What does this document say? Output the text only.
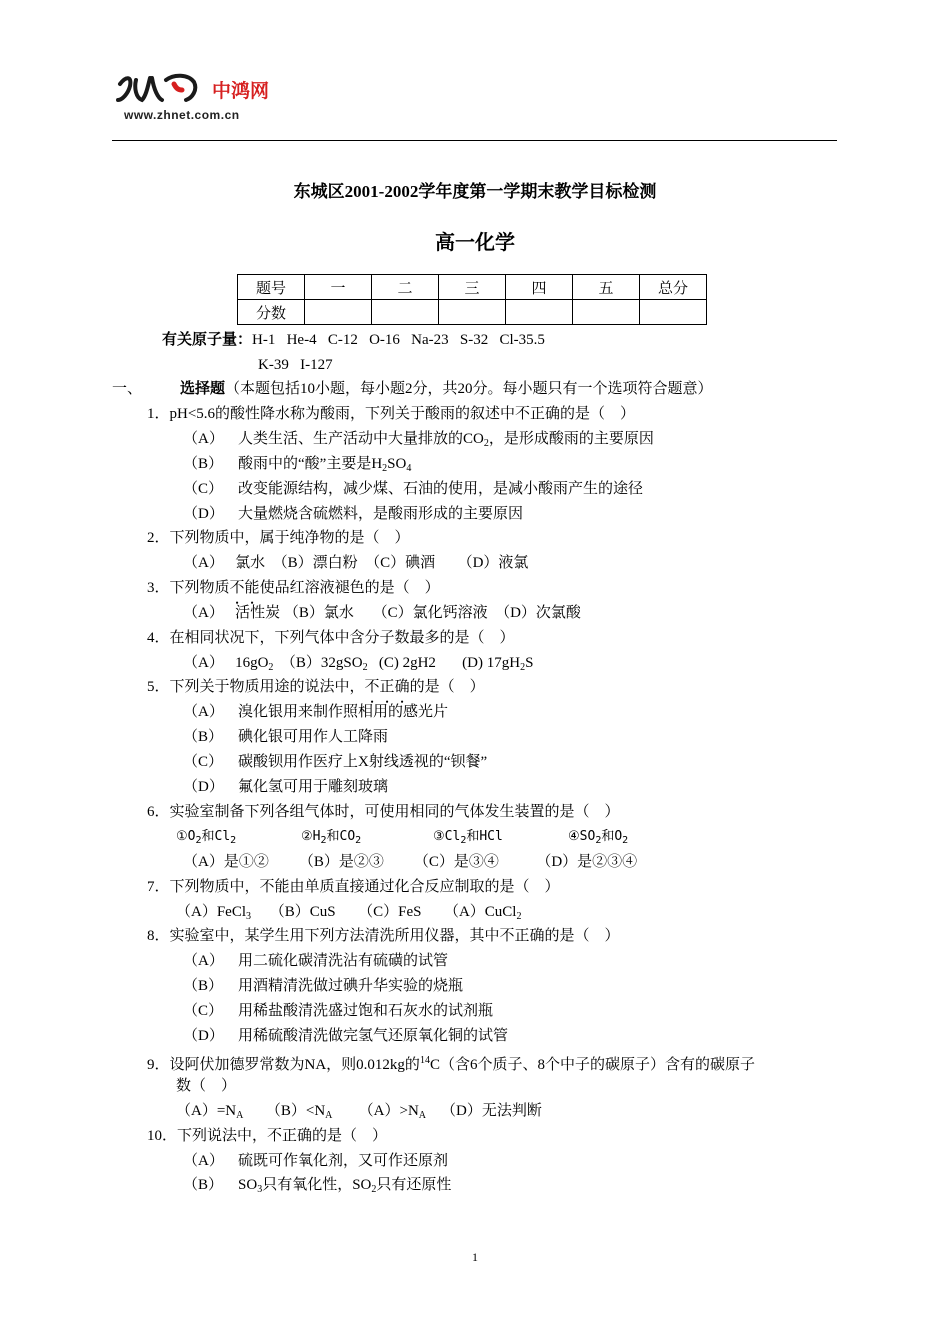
中鸿网
www.zhnet.com.cn
东城区2001-2002学年度第一学期末教学目标检测
高一化学
题号	一	二	三	四	五	总分
分数						
有关原子量：H-1   He-4   C-12   O-16   Na-23   S-32   Cl-35.5
K-39   I-127
一、	选择题 （本题包括10小题，每小题2分，共20分。每小题只有一个选项符合题意）
1．pH<5.6的酸性降水称为酸雨，下列关于酸雨的叙述中不正确的是（    ）
（A） 人类生活、生产活动中大量排放的$CO_2$，是形成酸雨的主要原因
（B） 酸雨中的“酸”主要是$H_2SO_4$
（C） 改变能源结构，减少煤、石油的使用，是减小酸雨产生的途径
（D） 大量燃烧含硫燃料，是酸雨形成的主要原因
2．下列物质中，属于纯净物的是（    ）
（A）   氯水  （B）漂白粉  （C）碘酒      （D）液氯
3．下列物质不能使品红溶液褪色的是（    ）
（A）   活性炭 （B）氯水     （C）氯化钙溶液  （D）次氯酸
4．在相同状况下，下列气体中含分子数最多的是（    ）
（A）   $16gO_2$  （B）32gSO$_2$   (C) 2gH2       (D) $17gH_2S$
5．下列关于物质用途的说法中，不正确的是（    ）
（A） 溴化银用来制作照相用的感光片
（B） 碘化银可用作人工降雨
（C） 碳酸钡用作医疗上X射线透视的“钡餐”
（D） 氟化氢可用于雕刻玻璃
6．实验室制备下列各组气体时，可使用相同的气体发生装置的是（    ）
$①O_2$和$Cl_2$	$②H_2$和$CO_2$	$③Cl_2$和HCl	$④SO_2$和$O_2$
（A）是①②        （B）是②③        （C）是③④          （D）是②③④
7．下列物质中，不能由单质直接通过化合反应制取的是（    ）
（A）FeCl$_3$     （B）CuS      （C）FeS      （A）CuCl$_2$
8．实验室中，某学生用下列方法清洗所用仪器，其中不正确的是（    ）
（A） 用二硫化碳清洗沾有硫磺的试管
（B） 用酒精清洗做过碘升华实验的烧瓶
（C） 用稀盐酸清洗盛过饱和石灰水的试剂瓶
（D） 用稀硫酸清洗做完氢气还原氧化铜的试管
9．设阿伏加德罗常数为NA，则0.012kg的$^{14}$C（含6个质子、8个中子的碳原子）含有的碳原子
数（    ）
$(A)=N_A$      $(B)<N_A$       $(A)>N_A$    （D）无法判断
10．下列说法中，不正确的是（    ）
（A） 硫既可作氧化剂，又可作还原剂
（B） $SO_3$只有氧化性，$SO_2$只有还原性
1
